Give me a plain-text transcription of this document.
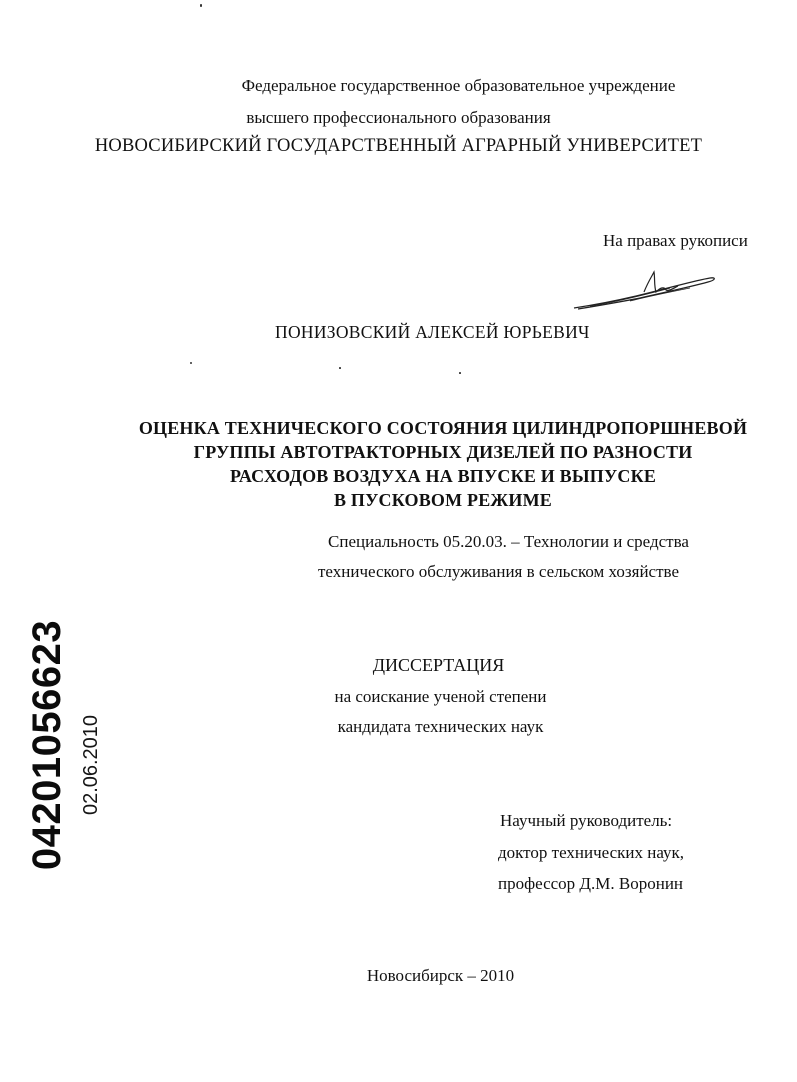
Федеральное государственное образовательное учреждение
высшего профессионального образования
НОВОСИБИРСКИЙ ГОСУДАРСТВЕННЫЙ АГРАРНЫЙ УНИВЕРСИТЕТ
На правах рукописи
ПОНИЗОВСКИЙ АЛЕКСЕЙ ЮРЬЕВИЧ
ОЦЕНКА ТЕХНИЧЕСКОГО СОСТОЯНИЯ ЦИЛИНДРОПОРШНЕВОЙ
ГРУППЫ АВТОТРАКТОРНЫХ ДИЗЕЛЕЙ ПО РАЗНОСТИ
РАСХОДОВ ВОЗДУХА НА ВПУСКЕ И ВЫПУСКЕ
В ПУСКОВОМ РЕЖИМЕ
Специальность 05.20.03. – Технологии и средства
технического обслуживания в сельском хозяйстве
ДИССЕРТАЦИЯ
на соискание ученой степени
кандидата технических наук
Научный руководитель:
доктор технических наук,
профессор Д.М. Воронин
Новосибирск – 2010
04201056623 02.06.2010
